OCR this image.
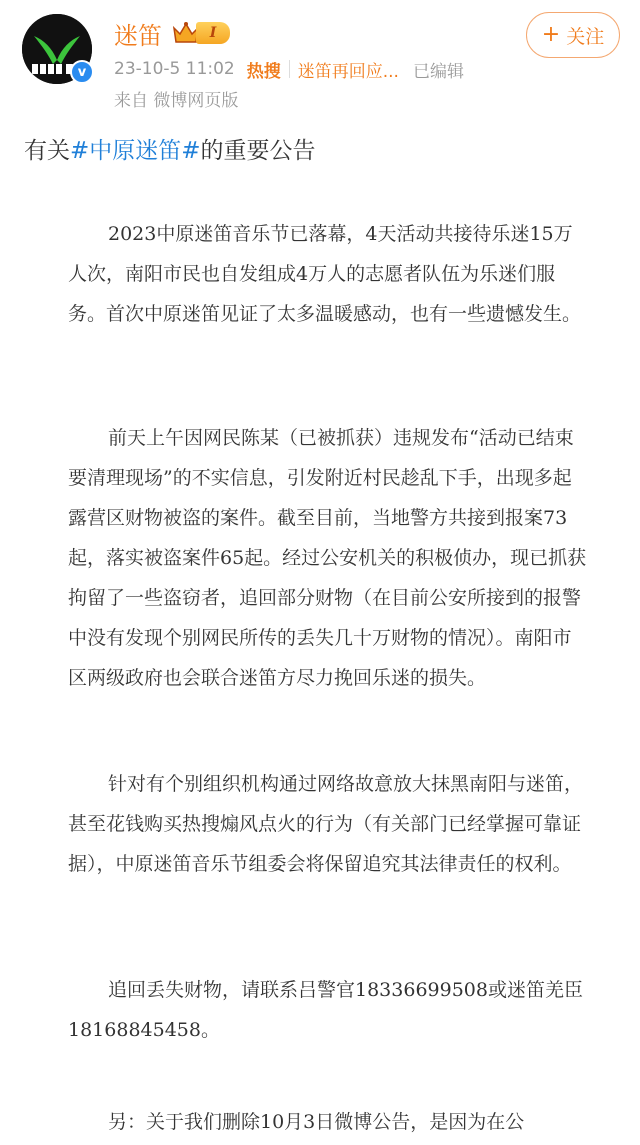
v
迷笛	I
23-10-5 11:02 热搜 迷笛再回应... 已编辑
来自 微博网页版
+ 关注
有关#中原迷笛#的重要公告

2023中原迷笛音乐节已落幕，4天活动共接待乐迷15万人次，南阳市民也自发组成4万人的志愿者队伍为乐迷们服务。首次中原迷笛见证了太多温暖感动，也有一些遗憾发生。

前天上午因网民陈某（已被抓获）违规发布“活动已结束要清理现场”的不实信息，引发附近村民趁乱下手，出现多起露营区财物被盗的案件。截至目前，当地警方共接到报案73起，落实被盗案件65起。经过公安机关的积极侦办，现已抓获拘留了一些盗窃者，追回部分财物（在目前公安所接到的报警中没有发现个别网民所传的丢失几十万财物的情况）。南阳市区两级政府也会联合迷笛方尽力挽回乐迷的损失。

针对有个别组织机构通过网络故意放大抹黑南阳与迷笛，甚至花钱购买热搜煽风点火的行为（有关部门已经掌握可靠证据），中原迷笛音乐节组委会将保留追究其法律责任的权利。

追回丢失财物，请联系吕警官18336699508或迷笛羌臣 18168845458。

另：关于我们删除10月3日微博公告，是因为在公
